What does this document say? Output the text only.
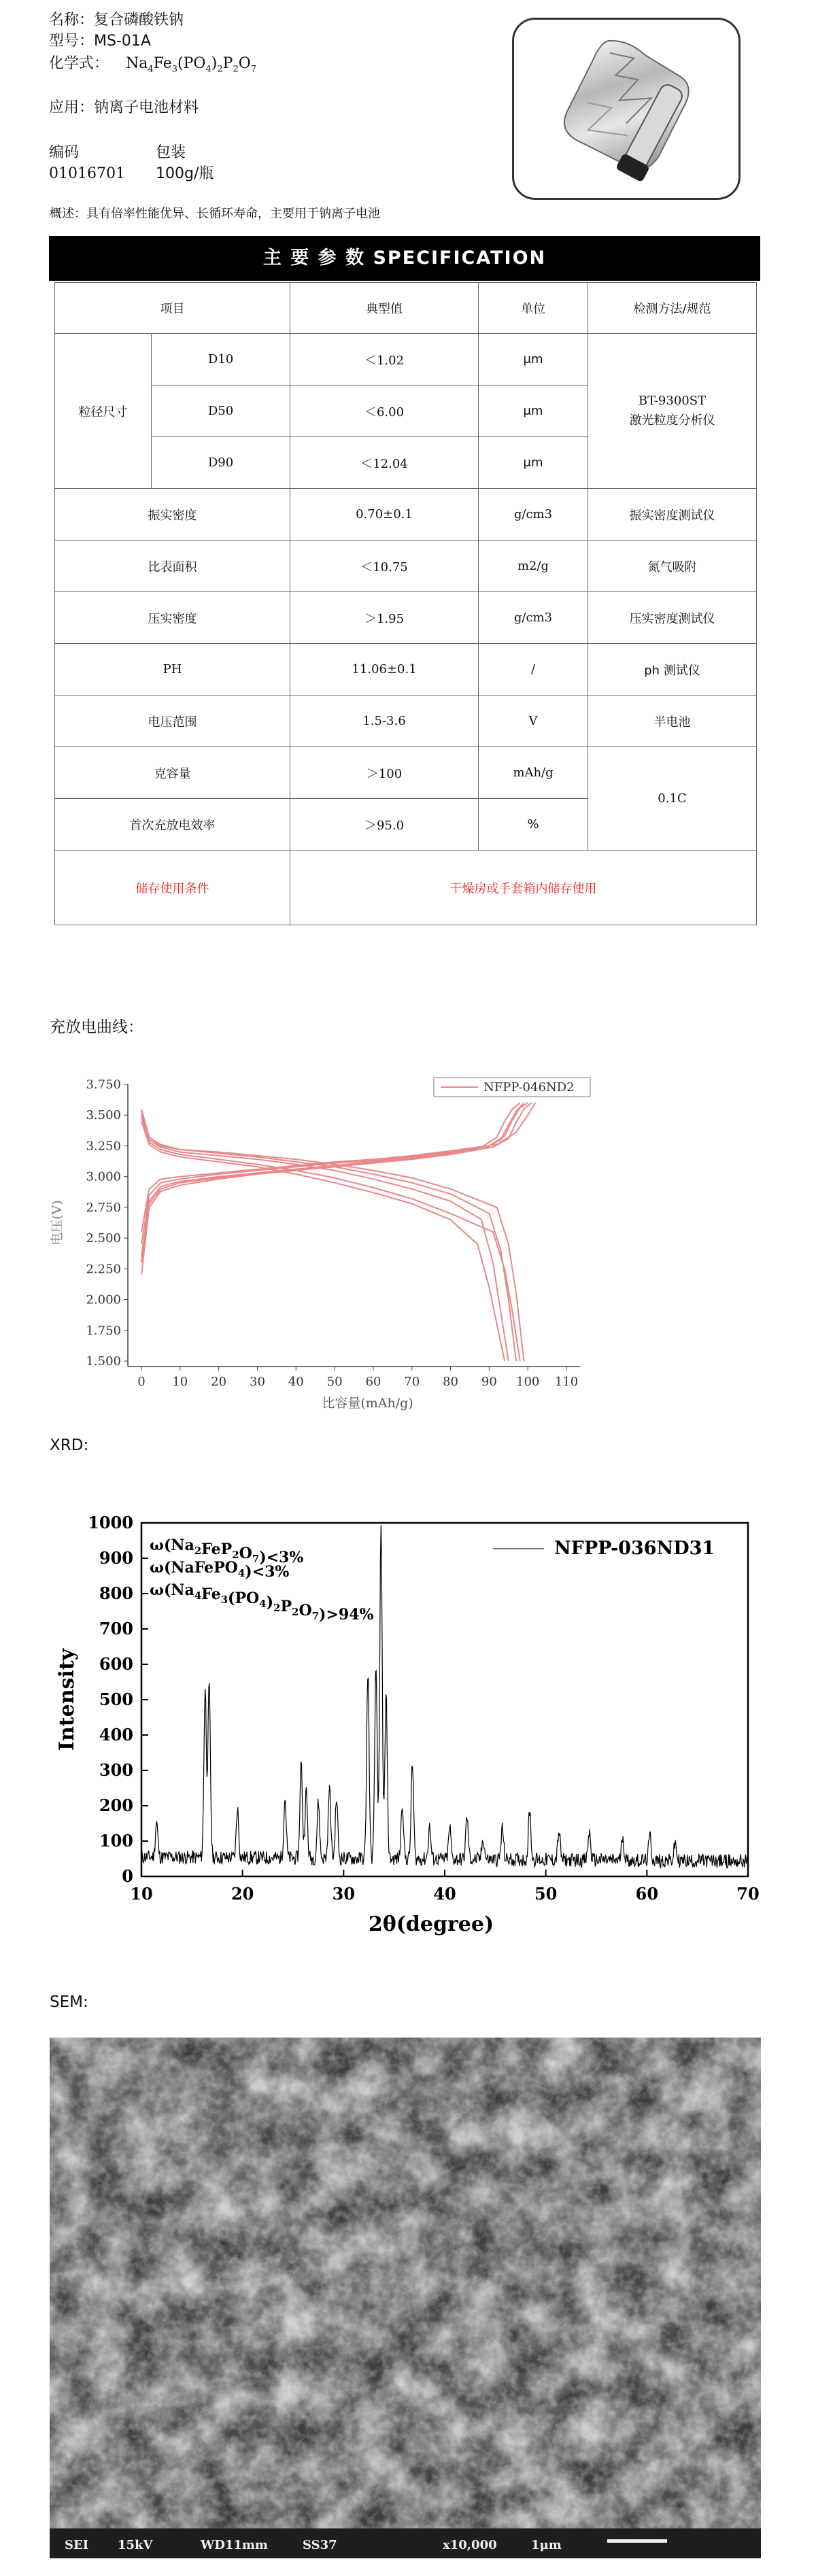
名称：复合磷酸铁钠
型号：MS-01A
化学式： $Na_4Fe_3(PO_4)_2P_2O_7$
应用：钠离子电池材料
编码	包装
01016701 100g/瓶
概述：具有倍率性能优异、长循环寿命，主要用于钠离子电池
主 要 参 数 SPECIFICATION
项目		典型值	单位	检测方法/规范
粒径尺寸	D10	＜1.02	μm	BT-9300ST
激光粒度分析仪

	D50	＜6.00	μm	
	D90	＜12.04	μm	
振实密度		0.70±0.1	g/cm3	振实密度测试仪
比表面积		＜10.75	m2/g	氮气吸附
压实密度		＞1.95	g/cm3	压实密度测试仪
PH		11.06±0.1	/	ph 测试仪
电压范围		1.5-3.6	V	半电池
克容量		＞100	mAh/g	0.1C
首次充放电效率		＞95.0	%	
储存使用条件		干燥房或手套箱内储存使用		
充放电曲线：
1.500
1.750
2.000
2.250
2.500
2.750
3.000
3.250
3.500
3.750
0 10 20 30 40 50 60 70 80 90 100 110
比容量(mAh/g)
电压(V)
NFPP-046ND2
XRD:
0
100
200
300
400
500
600
700
800
900
1000
10	20	30	40	50	60	70
2θ(degree)
Intensity
$\omega(Na_2FeP_2O_7)<3\%$
ω(NaFePO$_4$)<3%
$\omega(Na_4Fe_3(PO_4)_2P_2O_7)>94\%$
NFPP-036ND31
SEM:
SEI 15kV	WD11mm	SS37	x10,000	1μm
